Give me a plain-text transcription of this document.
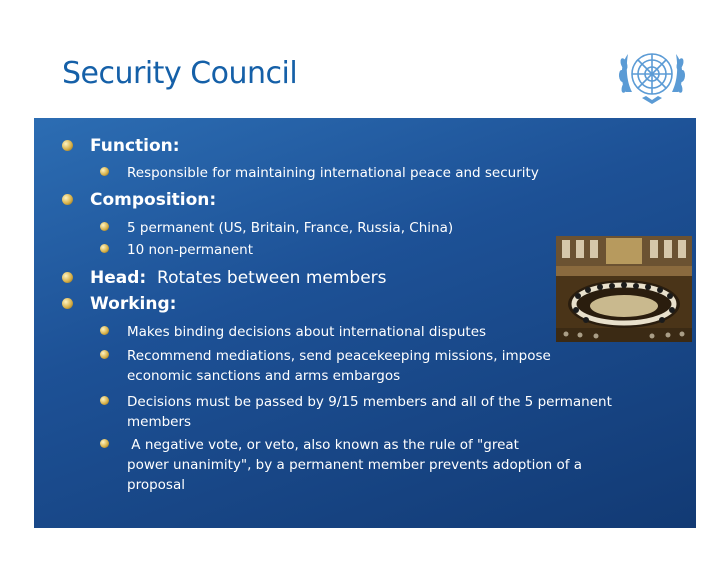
Security Council
Function:
Responsible for maintaining international peace and security
Composition:
5 permanent (US, Britain, France, Russia, China)
10 non-permanent
Head: Rotates between members
Working:
Makes binding decisions about international disputes
Recommend mediations, send peacekeeping missions, impose
economic sanctions and arms embargos
Decisions must be passed by 9/15 members and all of the 5 permanent
members
A negative vote, or veto, also known as the rule of "great
power unanimity", by a permanent member prevents adoption of a
proposal
